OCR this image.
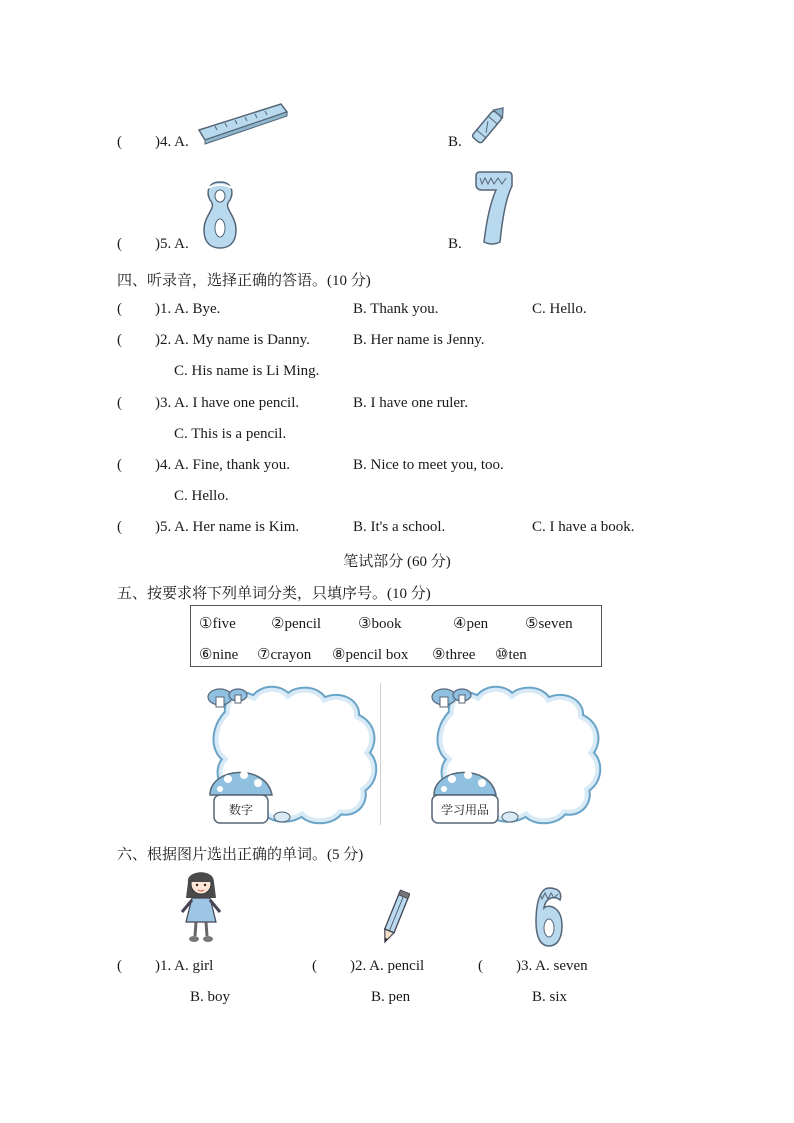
( )4. A.	B.
( )5. A.	B.
四、听录音，选择正确的答语。(10 分)
( )1. A. Bye.	B. Thank you.	C. Hello.
( )2. A. My name is Danny.	B. Her name is Jenny.
C. His name is Li Ming.
( )3. A. I have one pencil.	B. I have one ruler.
C. This is a pencil.
( )4. A. Fine, thank you.	B. Nice to meet you, too.
C. Hello.
( )5. A. Her name is Kim.	B. It's a school.	C. I have a book.
笔试部分 (60 分)
五、按要求将下列单词分类，只填序号。(10 分)
①five ②pencil ③book	④pen ⑤seven
⑥nine ⑦crayon ⑧pencil box ⑨three ⑩ten
数字	学习用品
六、根据图片选出正确的单词。(5 分)
( )1. A. girl
B. boy
( )2. A. pencil
B. pen
( )3. A. seven
B. six
